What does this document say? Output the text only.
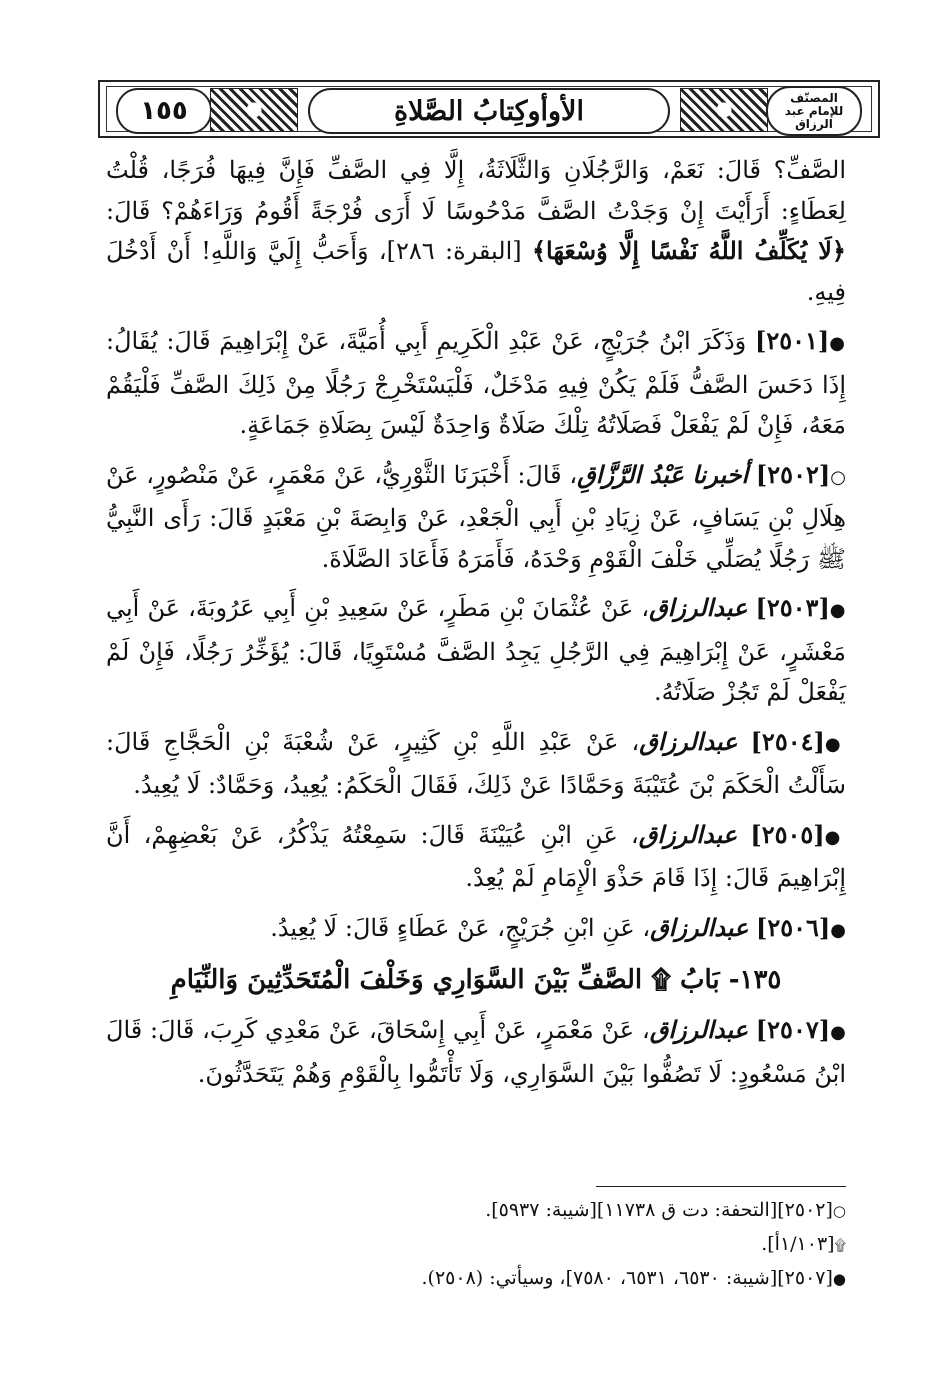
١٥٥	الأوأوكِتابُ الصَّلاةِ	المصنّف
للإمام عبد الرزاق

الصَّفِّ؟ قَالَ: نَعَمْ، وَالرَّجُلَانِ وَالثَّلَاثَةُ، إِلَّا فِي الصَّفِّ فَإِنَّ فِيهَا فُرَجًا، قُلْتُ لِعَطَاءٍ: أَرَأَيْتَ إِنْ وَجَدْتُ الصَّفَّ مَدْحُوسًا لَا أَرَى فُرْجَةً أَقُومُ وَرَاءَهُمْ؟ قَالَ: ﴿لَا يُكَلِّفُ اللَّهُ نَفْسًا إِلَّا وُسْعَهَا﴾ [البقرة: ٢٨٦]، وَأَحَبُّ إِلَيَّ وَاللَّهِ! أَنْ أَدْخُلَ فِيهِ.

●[٢٥٠١] وَذَكَرَ ابْنُ جُرَيْجٍ، عَنْ عَبْدِ الْكَرِيمِ أَبِي أُمَيَّةَ، عَنْ إِبْرَاهِيمَ قَالَ: يُقَالُ: إِذَا دَحَسَ الصَّفُّ فَلَمْ يَكُنْ فِيهِ مَدْخَلٌ، فَلْيَسْتَخْرِجْ رَجُلًا مِنْ ذَلِكَ الصَّفِّ فَلْيَقُمْ مَعَهُ، فَإِنْ لَمْ يَفْعَلْ فَصَلَاتُهُ تِلْكَ صَلَاةٌ وَاحِدَةٌ لَيْسَ بِصَلَاةِ جَمَاعَةٍ.

○[٢٥٠٢] أخبرنا عَبْدُ الرَّزَّاقِ، قَالَ: أَخْبَرَنَا الثَّوْرِيُّ، عَنْ مَعْمَرٍ، عَنْ مَنْصُورٍ، عَنْ هِلَالِ بْنِ يَسَافٍ، عَنْ زِيَادِ بْنِ أَبِي الْجَعْدِ، عَنْ وَابِصَةَ بْنِ مَعْبَدٍ قَالَ: رَأَى النَّبِيُّ ﷺ رَجُلًا يُصَلِّي خَلْفَ الْقَوْمِ وَحْدَهُ، فَأَمَرَهُ فَأَعَادَ الصَّلَاةَ.

●[٢٥٠٣] عبدالرزاق، عَنْ عُثْمَانَ بْنِ مَطَرٍ، عَنْ سَعِيدِ بْنِ أَبِي عَرُوبَةَ، عَنْ أَبِي مَعْشَرٍ، عَنْ إِبْرَاهِيمَ فِي الرَّجُلِ يَجِدُ الصَّفَّ مُسْتَوِيًا، قَالَ: يُؤَخِّرُ رَجُلًا، فَإِنْ لَمْ يَفْعَلْ لَمْ تَجُزْ صَلَاتُهُ.

●[٢٥٠٤] عبدالرزاق، عَنْ عَبْدِ اللَّهِ بْنِ كَثِيرٍ، عَنْ شُعْبَةَ بْنِ الْحَجَّاجِ قَالَ: سَأَلْتُ الْحَكَمَ بْنَ عُتَيْبَةَ وَحَمَّادًا عَنْ ذَلِكَ، فَقَالَ الْحَكَمُ: يُعِيدُ، وَحَمَّادٌ: لَا يُعِيدُ.

●[٢٥٠٥] عبدالرزاق، عَنِ ابْنِ عُيَيْنَةَ قَالَ: سَمِعْتُهُ يَذْكُرُ، عَنْ بَعْضِهِمْ، أَنَّ إِبْرَاهِيمَ قَالَ: إِذَا قَامَ حَذْوَ الْإِمَامِ لَمْ يُعِدْ.

●[٢٥٠٦] عبدالرزاق، عَنِ ابْنِ جُرَيْجٍ، عَنْ عَطَاءٍ قَالَ: لَا يُعِيدُ.

١٣٥- بَابُ ۩ الصَّفِّ بَيْنَ السَّوَارِي وَخَلْفَ الْمُتَحَدِّثِينَ وَالنِّيَامِ

●[٢٥٠٧] عبدالرزاق، عَنْ مَعْمَرٍ، عَنْ أَبِي إِسْحَاقَ، عَنْ مَعْدِي كَرِبَ، قَالَ: قَالَ ابْنُ مَسْعُودٍ: لَا تَصُفُّوا بَيْنَ السَّوَارِي، وَلَا تَأْتَمُّوا بِالْقَوْمِ وَهُمْ يَتَحَدَّثُونَ.

○[٢٥٠٢][التحفة: دت ق ١١٧٣٨][شيبة: ٥٩٣٧].
۩[١/١٠٣أ].
●[٢٥٠٧][شيبة: ٦٥٣٠، ٦٥٣١، ٧٥٨٠]، وسيأتي: (٢٥٠٨).
